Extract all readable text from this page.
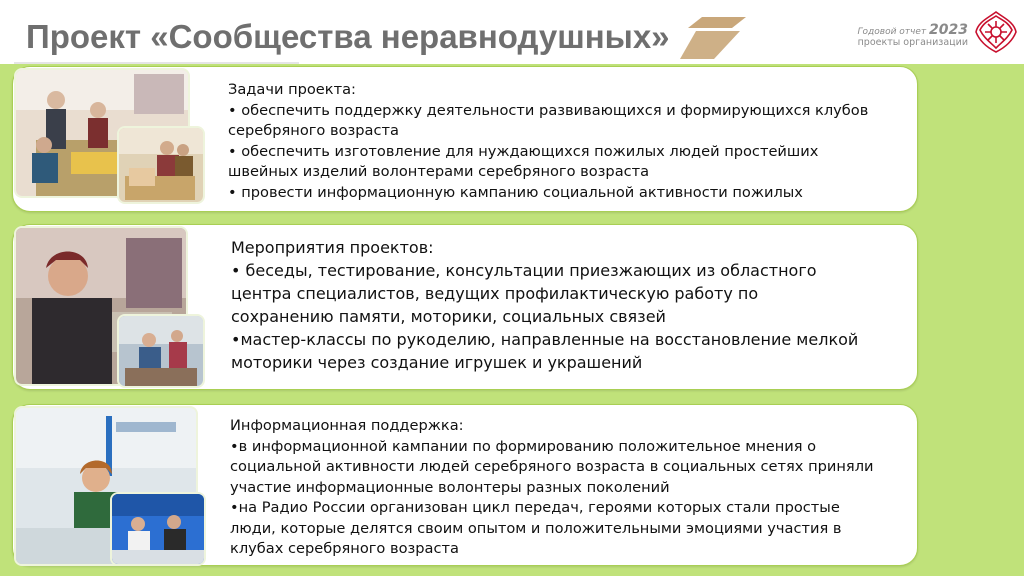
Проект «Сообщества неравнодушных»	Годовой отчет 2023
проекты организации
Задачи проекта:
• обеспечить поддержку деятельности развивающихся и формирующихся клубов
серебряного возраста
• обеспечить изготовление для нуждающихся пожилых людей простейших
швейных изделий волонтерами серебряного возраста
• провести информационную кампанию социальной активности пожилых
Мероприятия проектов:
• беседы, тестирование, консультации приезжающих из областного
центра специалистов, ведущих профилактическую работу по
сохранению памяти, моторики, социальных связей
•мастер-классы по рукоделию, направленные на восстановление мелкой
моторики через создание игрушек и украшений
Информационная поддержка:
•в информационной кампании по формированию положительное мнения о
социальной активности людей серебряного возраста в социальных сетях приняли
участие информационные волонтеры разных поколений
•на Радио России организован цикл передач, героями которых стали простые
люди, которые делятся своим опытом и положительными эмоциями участия в
клубах серебряного возраста
